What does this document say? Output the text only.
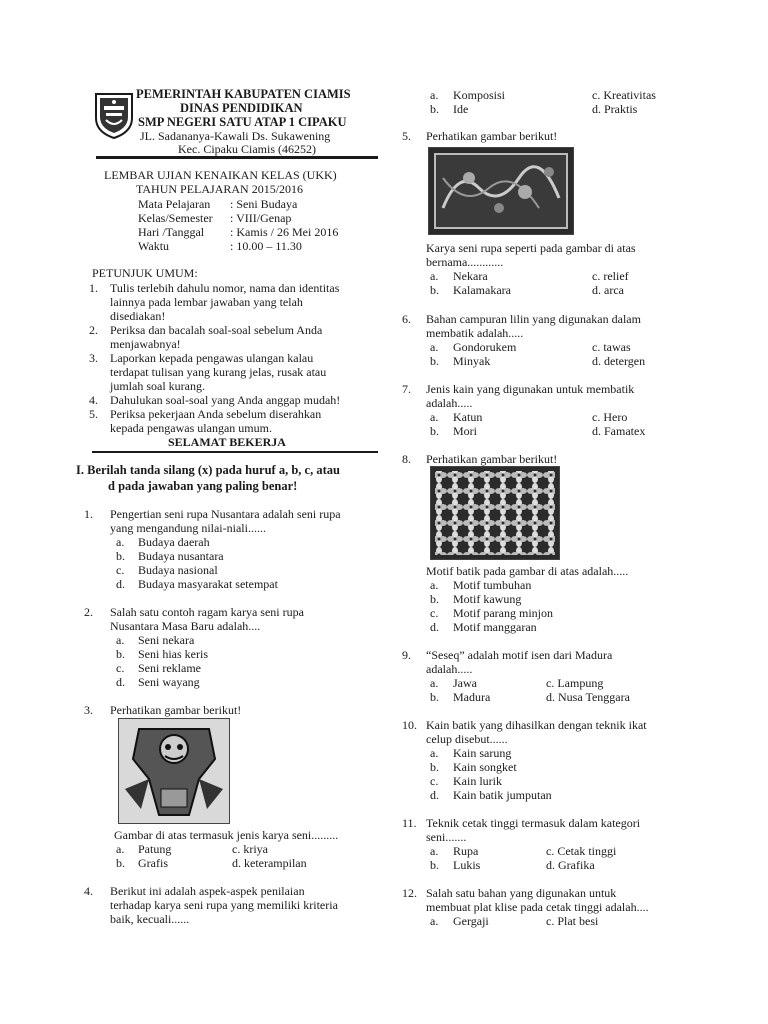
PEMERINTAH KABUPATEN CIAMIS
DINAS PENDIDIKAN
SMP NEGERI SATU ATAP 1 CIPAKU
JL. Sadananya-Kawali Ds. Sukawening
Kec. Cipaku Ciamis (46252)
LEMBAR UJIAN KENAIKAN KELAS (UKK)
TAHUN PELAJARAN 2015/2016
Mata Pelajaran : Seni Budaya
Kelas/Semester : VIII/Genap
Hari /Tanggal : Kamis / 26 Mei 2016
Waktu	: 10.00 – 11.30
PETUNJUK UMUM:
1. Tulis terlebih dahulu nomor, nama dan identitas
lainnya pada lembar jawaban yang telah
disediakan!
2. Periksa dan bacalah soal-soal sebelum Anda
menjawabnya!
3. Laporkan kepada pengawas ulangan kalau
terdapat tulisan yang kurang jelas, rusak atau
jumlah soal kurang.
4. Dahulukan soal-soal yang Anda anggap mudah!
5. Periksa pekerjaan Anda sebelum diserahkan
kepada pengawas ulangan umum.
SELAMAT BEKERJA
I. Berilah tanda silang (x) pada huruf a, b, c, atau
d pada jawaban yang paling benar!
1. Pengertian seni rupa Nusantara adalah seni rupa
yang mengandung nilai-niali......
a. Budaya daerah
b. Budaya nusantara
c. Budaya nasional
d. Budaya masyarakat setempat
2. Salah satu contoh ragam karya seni rupa
Nusantara Masa Baru adalah....
a. Seni nekara
b. Seni hias keris
c. Seni reklame
d. Seni wayang
3. Perhatikan gambar berikut!
Gambar di atas termasuk jenis karya seni.........
a. Patung	c. kriya
b. Grafis	d. keterampilan
4. Berikut ini adalah aspek-aspek penilaian
terhadap karya seni rupa yang memiliki kriteria
baik, kecuali......
a. Komposisi	c. Kreativitas
b. Ide	d. Praktis
5. Perhatikan gambar berikut!
Karya seni rupa seperti pada gambar di atas
bernama............
a. Nekara	c. relief
b. Kalamakara	d. arca
6. Bahan campuran lilin yang digunakan dalam
membatik adalah.....
a. Gondorukem	c. tawas
b. Minyak	d. detergen
7. Jenis kain yang digunakan untuk membatik
adalah.....
a. Katun	c. Hero
b. Mori	d. Famatex
8. Perhatikan gambar berikut!
Motif batik pada gambar di atas adalah.....
a. Motif tumbuhan
b. Motif kawung
c. Motif parang minjon
d. Motif manggaran
9. “Seseq” adalah motif isen dari Madura
adalah.....
a. Jawa	c. Lampung
b. Madura	d. Nusa Tenggara
10. Kain batik yang dihasilkan dengan teknik ikat
celup disebut......
a. Kain sarung
b. Kain songket
c. Kain lurik
d. Kain batik jumputan
11. Teknik cetak tinggi termasuk dalam kategori
seni.......
a. Rupa	c. Cetak tinggi
b. Lukis	d. Grafika
12. Salah satu bahan yang digunakan untuk
membuat plat klise pada cetak tinggi adalah....
a. Gergaji	c. Plat besi
